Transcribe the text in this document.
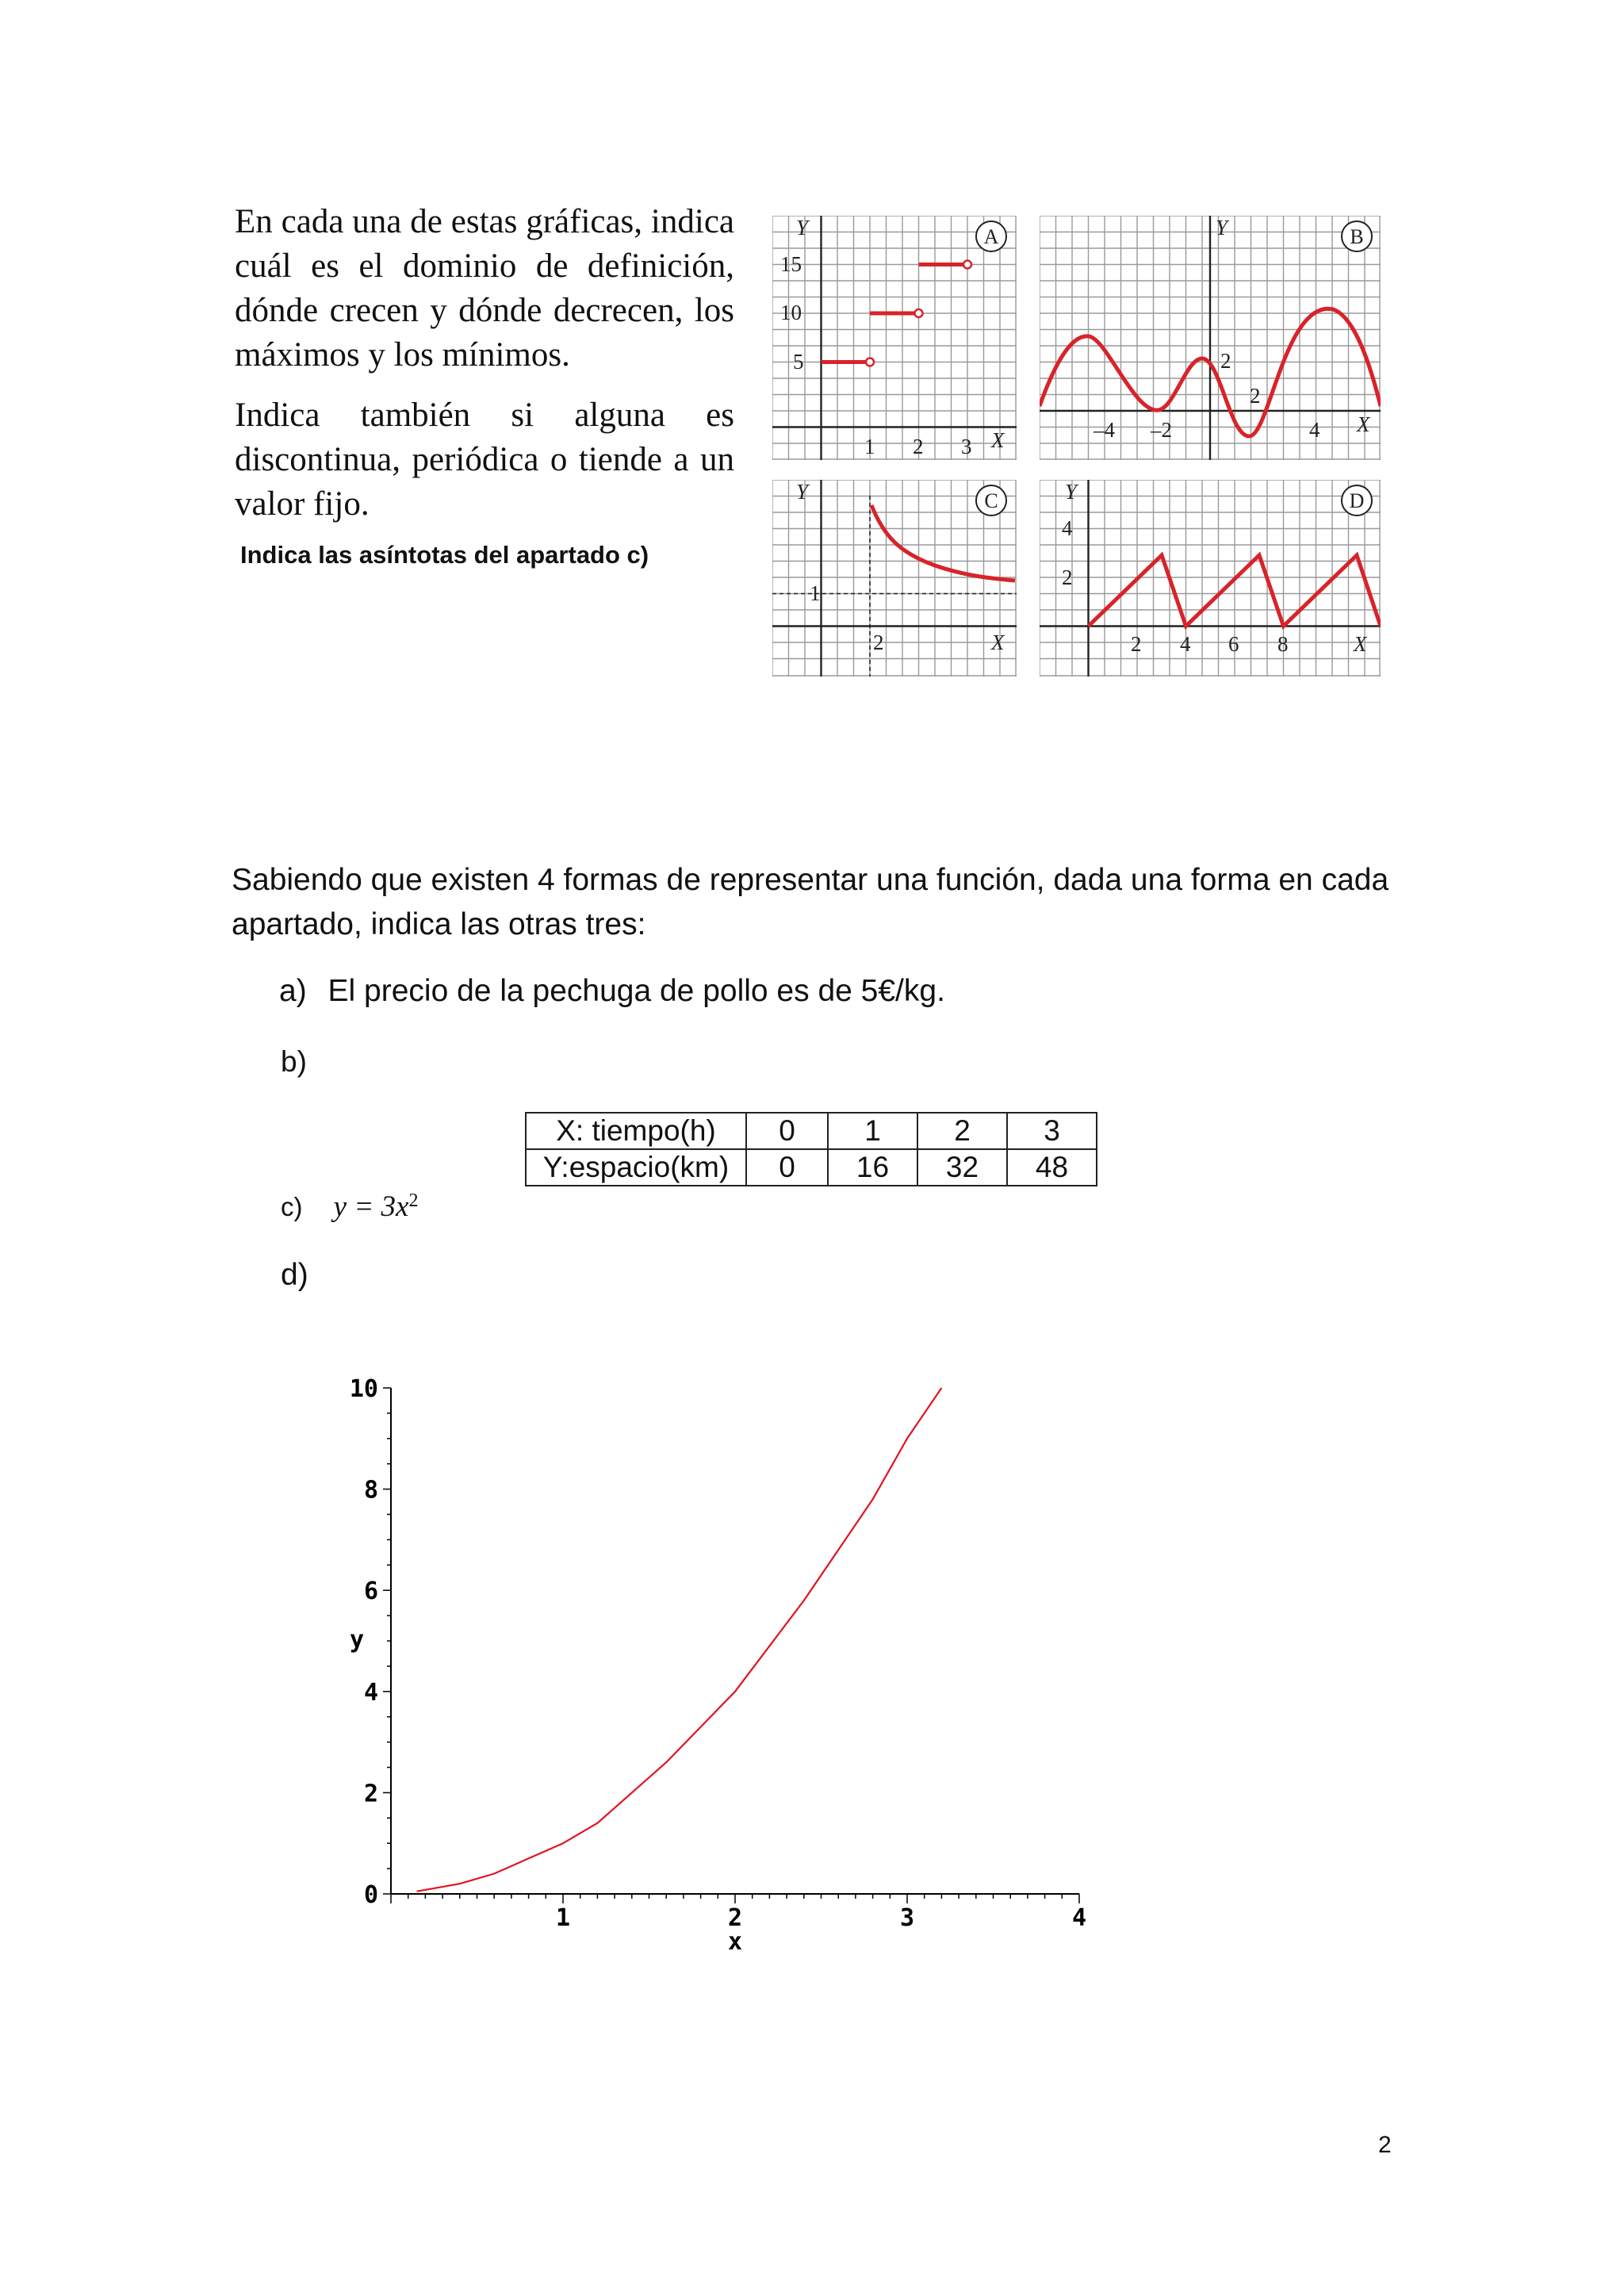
En cada una de estas gráficas, indica cuál es el dominio de definición, dónde crecen y dónde decrecen, los máximos y los mínimos.

Indica también si alguna es discontinua, periódica o tiende a un valor fijo.

Indica las asíntotas del apartado c)
Y
15
10
5
1 2 3 X
A	Y
2
–4 –2
2
4 X
B
Y
1
2	X
C	Y
4
2
2 4 6 8	X
D
Sabiendo que existen 4 formas de representar una función, dada una forma en cada apartado, indica las otras tres:
a) El precio de la pechuga de pollo es de 5€/kg.
b)
X: tiempo(h)	0	1	2	3
Y:espacio(km)	0	16	32	48
c) $y = 3x^2$
d)
0
2
4
6
8
10
1	2	3	4
x
y
2
